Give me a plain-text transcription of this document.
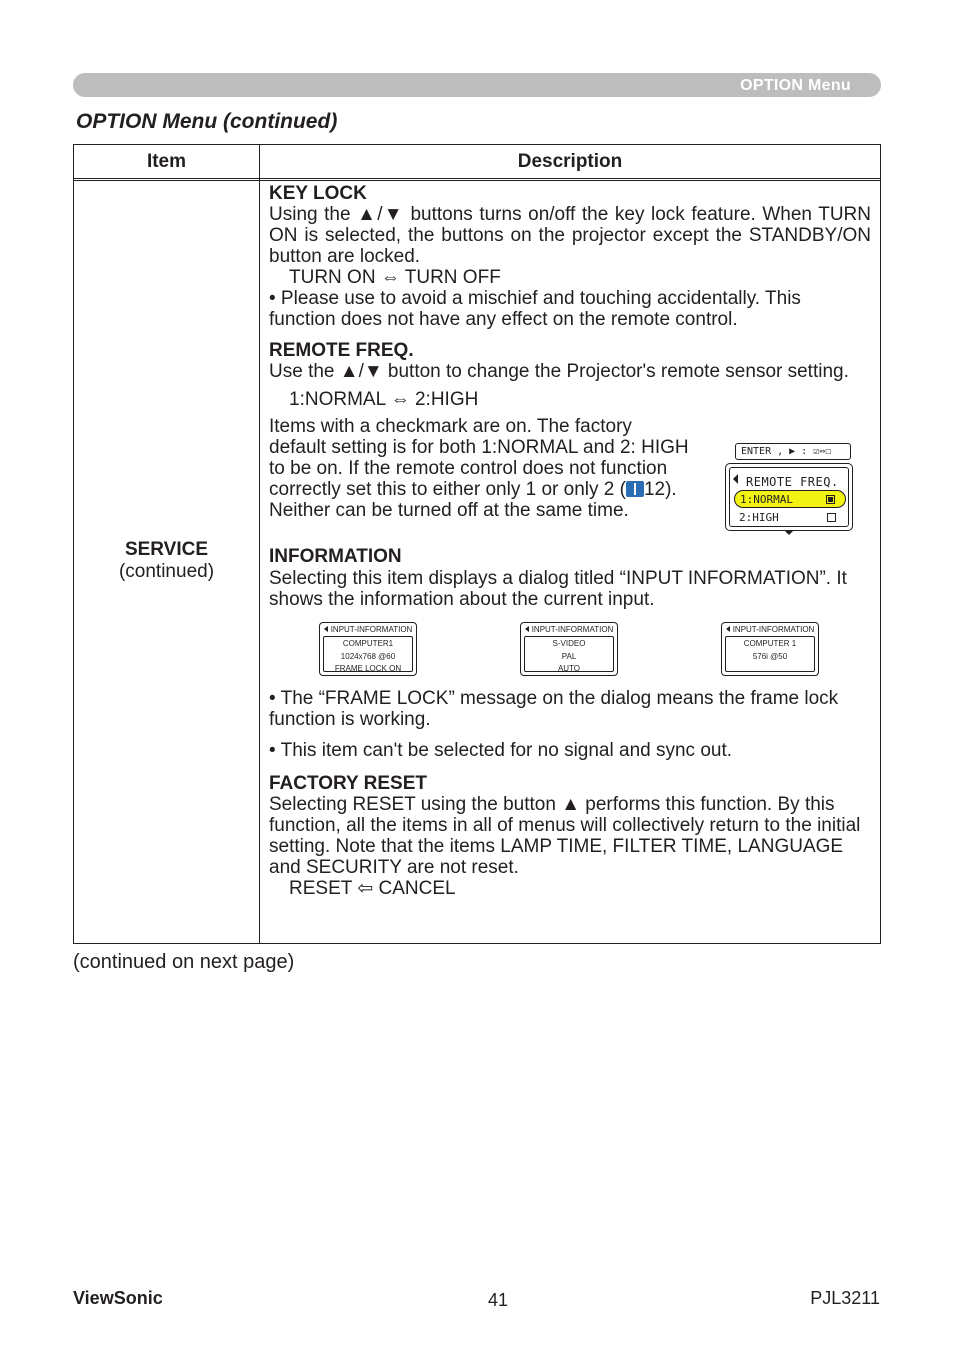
OPTION Menu
OPTION Menu (continued)
Item	Description
SERVICE
(continued)

KEY LOCK

Using the ▲/▼ buttons turns on/off the key lock feature. When TURN ON is selected, the buttons on the projector except the STANDBY/ON button are locked.

TURN ON ⇔ TURN OFF

• Please use to avoid a mischief and touching accidentally. This function does not have any effect on the remote control.

REMOTE FREQ.

Use the ▲/▼ button to change the Projector's remote sensor setting.

1:NORMAL ⇔ 2:HIGH

Items with a checkmark are on. The factory default setting is for both 1:NORMAL and 2: HIGH to be on. If the remote control does not function correctly set this to either only 1 or only 2 ( 12).
Neither can be turned off at the same time.
ENTER , ▶ : ☑⇔☐
REMOTE FREQ.
1:NORMAL
2:HIGH

INFORMATION

Selecting this item displays a dialog titled “INPUT INFORMATION”. It shows the information about the current input.

INPUT-INFORMATION
COMPUTER1
1024x768 @60
FRAME LOCK ON
INPUT-INFORMATION
S-VIDEO
PAL
AUTO
INPUT-INFORMATION
COMPUTER 1
576i @50

• The “FRAME LOCK” message on the dialog means the frame lock function is working.

• This item can't be selected for no signal and sync out.

FACTORY RESET

Selecting RESET using the button ▲ performs this function. By this function, all the items in all of menus will collectively return to the initial setting. Note that the items LAMP TIME, FILTER TIME, LANGUAGE and SECURITY are not reset.

RESET ⇦ CANCEL

(continued on next page)
ViewSonic	41	PJL3211
